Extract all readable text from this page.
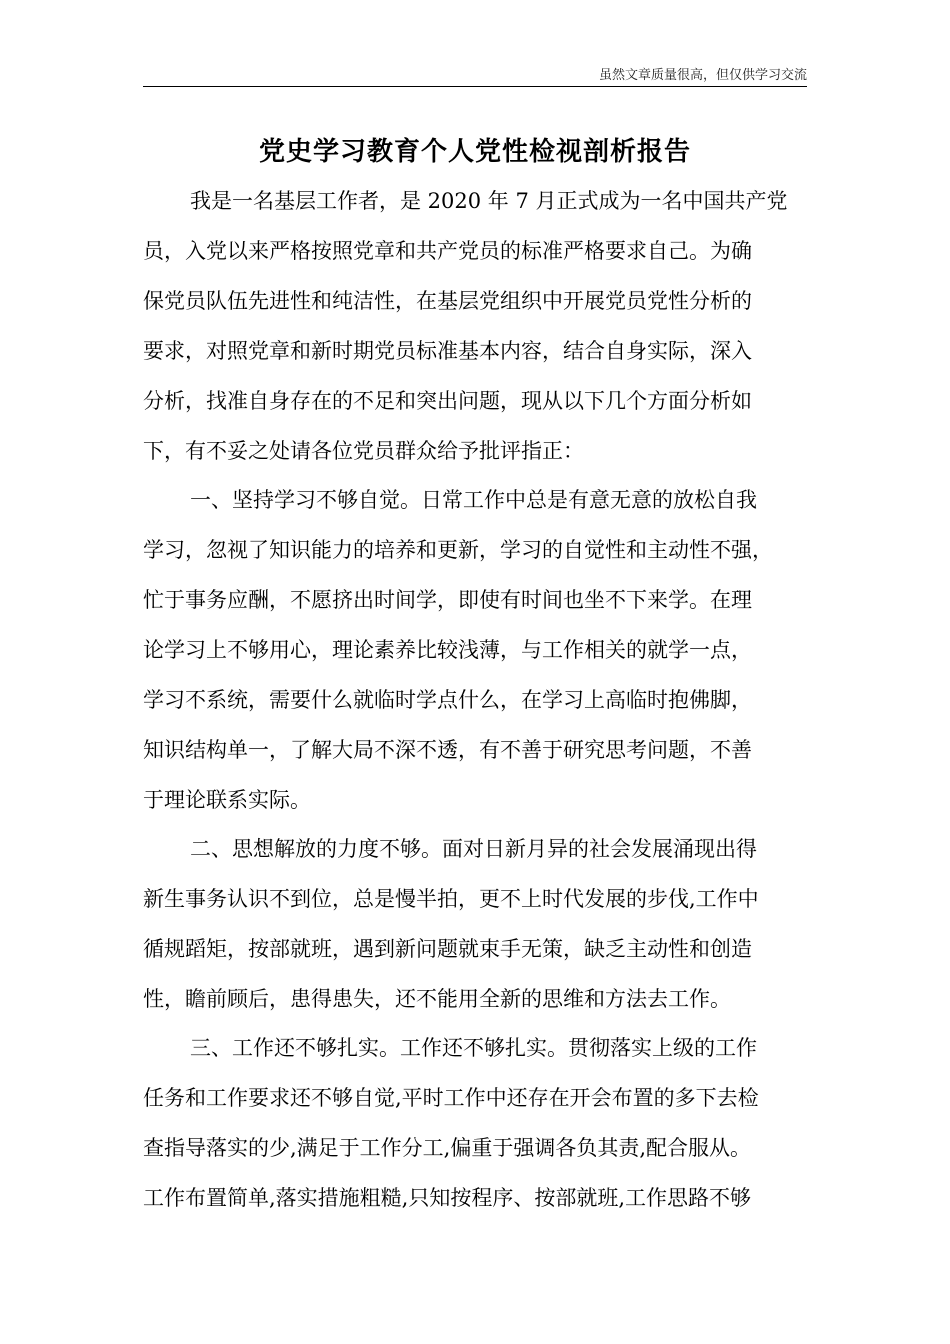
虽然文章质量很高，但仅供学习交流
党史学习教育个人党性检视剖析报告
我是一名基层工作者，是 2020 年 7 月正式成为一名中国共产党
员，入党以来严格按照党章和共产党员的标准严格要求自己。为确
保党员队伍先进性和纯洁性，在基层党组织中开展党员党性分析的
要求，对照党章和新时期党员标准基本内容，结合自身实际，深入
分析，找准自身存在的不足和突出问题，现从以下几个方面分析如
下，有不妥之处请各位党员群众给予批评指正：
一、坚持学习不够自觉。日常工作中总是有意无意的放松自我
学习，忽视了知识能力的培养和更新，学习的自觉性和主动性不强，
忙于事务应酬，不愿挤出时间学，即使有时间也坐不下来学。在理
论学习上不够用心，理论素养比较浅薄，与工作相关的就学一点，
学习不系统，需要什么就临时学点什么，在学习上高临时抱佛脚，
知识结构单一，了解大局不深不透，有不善于研究思考问题，不善
于理论联系实际。
二、思想解放的力度不够。面对日新月异的社会发展涌现出得
新生事务认识不到位，总是慢半拍，更不上时代发展的步伐,工作中
循规蹈矩，按部就班，遇到新问题就束手无策，缺乏主动性和创造
性，瞻前顾后，患得患失，还不能用全新的思维和方法去工作。
三、工作还不够扎实。工作还不够扎实。贯彻落实上级的工作
任务和工作要求还不够自觉,平时工作中还存在开会布置的多下去检
查指导落实的少,满足于工作分工,偏重于强调各负其责,配合服从。
工作布置简单,落实措施粗糙,只知按程序、按部就班,工作思路不够
